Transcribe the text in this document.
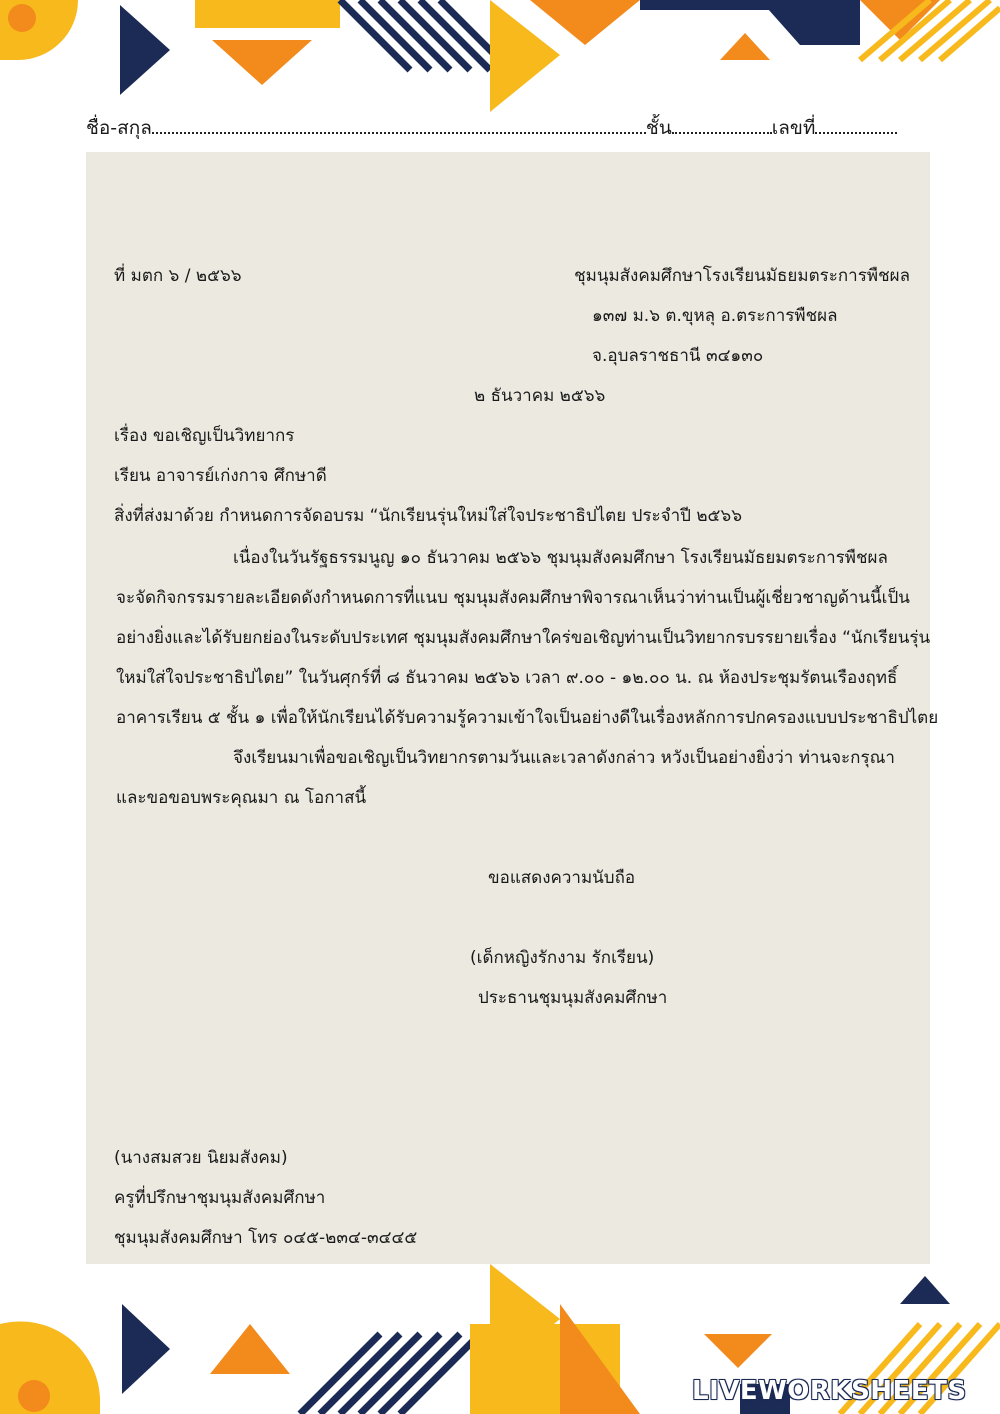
ชื่อ-สกุล	ชั้น	เลขที่
ที่ มตก ๖ / ๒๕๖๖	ชุมนุมสังคมศึกษาโรงเรียนมัธยมตระการพืชผล
๑๓๗ ม.๖ ต.ขุหลุ อ.ตระการพืชผล
จ.อุบลราชธานี ๓๔๑๓๐
๒ ธันวาคม ๒๕๖๖
เรื่อง ขอเชิญเป็นวิทยากร
เรียน อาจารย์เก่งกาจ ศึกษาดี
สิ่งที่ส่งมาด้วย กำหนดการจัดอบรม “นักเรียนรุ่นใหม่ใส่ใจประชาธิปไตย ประจำปี ๒๕๖๖
เนื่องในวันรัฐธรรมนูญ ๑๐ ธันวาคม ๒๕๖๖ ชุมนุมสังคมศึกษา โรงเรียนมัธยมตระการพืชผล
จะจัดกิจกรรมรายละเอียดดังกำหนดการที่แนบ ชุมนุมสังคมศึกษาพิจารณาเห็นว่าท่านเป็นผู้เชี่ยวชาญด้านนี้เป็น
อย่างยิ่งและได้รับยกย่องในระดับประเทศ ชุมนุมสังคมศึกษาใคร่ขอเชิญท่านเป็นวิทยากรบรรยายเรื่อง “นักเรียนรุ่น
ใหม่ใส่ใจประชาธิปไตย” ในวันศุกร์ที่ ๘ ธันวาคม ๒๕๖๖ เวลา ๙.๐๐ - ๑๒.๐๐ น. ณ ห้องประชุมรัตนเรืองฤทธิ์
อาคารเรียน ๕ ชั้น ๑ เพื่อให้นักเรียนได้รับความรู้ความเข้าใจเป็นอย่างดีในเรื่องหลักการปกครองแบบประชาธิปไตย
จึงเรียนมาเพื่อขอเชิญเป็นวิทยากรตามวันและเวลาดังกล่าว หวังเป็นอย่างยิ่งว่า ท่านจะกรุณา
และขอขอบพระคุณมา ณ โอกาสนี้
ขอแสดงความนับถือ
(เด็กหญิงรักงาม รักเรียน)
ประธานชุมนุมสังคมศึกษา
(นางสมสวย นิยมสังคม)
ครูที่ปรึกษาชุมนุมสังคมศึกษา
ชุมนุมสังคมศึกษา โทร ๐๔๕-๒๓๔-๓๔๔๕
LIVEWORKSHEETS
